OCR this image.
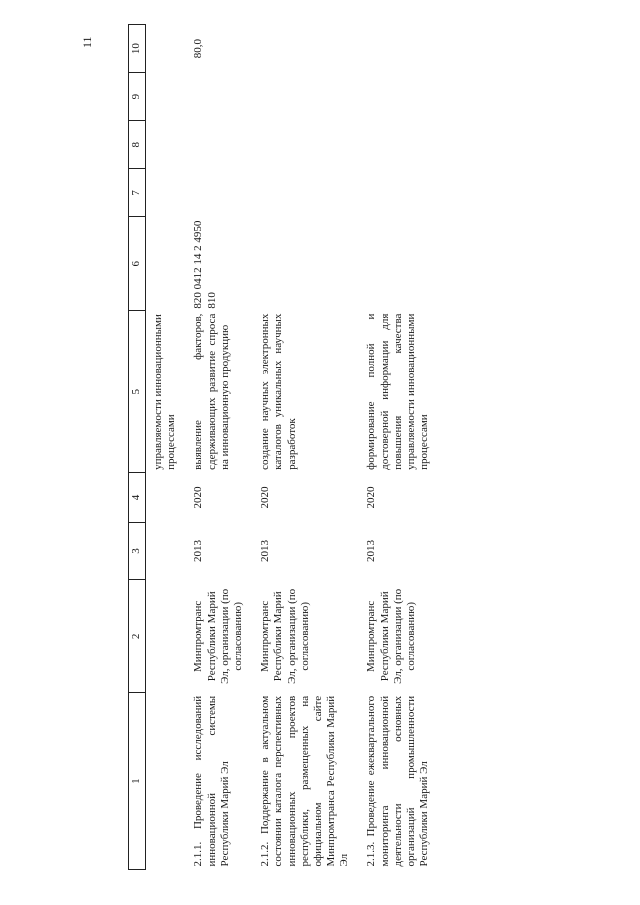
11
1	2	3	4	5	6	7	8	9	10
				управляемости инновационными процессами					
2.1.1. Проведение исследований инновационной системы Республики Марий Эл	Минпромтранс Республики Марий Эл, организации (по согласованию)	2013	2020	выявление факторов, сдерживающих развитие спроса на инновационную продукцию	820 0412 14 2 4950 810				80,0
2.1.2. Поддержание в актуальном состоянии каталога перспективных инновационных проектов республики, размещенных на официальном сайте Минпромтранса Республики Марий Эл	Минпромтранс Республики Марий Эл, организации (по согласованию)	2013	2020	создание научных электронных каталогов уникальных научных разработок					
2.1.3. Проведение ежеквартального мониторинга инновационной деятельности основных организаций промышленности Республики Марий Эл	Минпромтранс Республики Марий Эл, организации (по согласованию)	2013	2020	формирование полной и достоверной информации для повышения качества управляемости инновационными процессами					
